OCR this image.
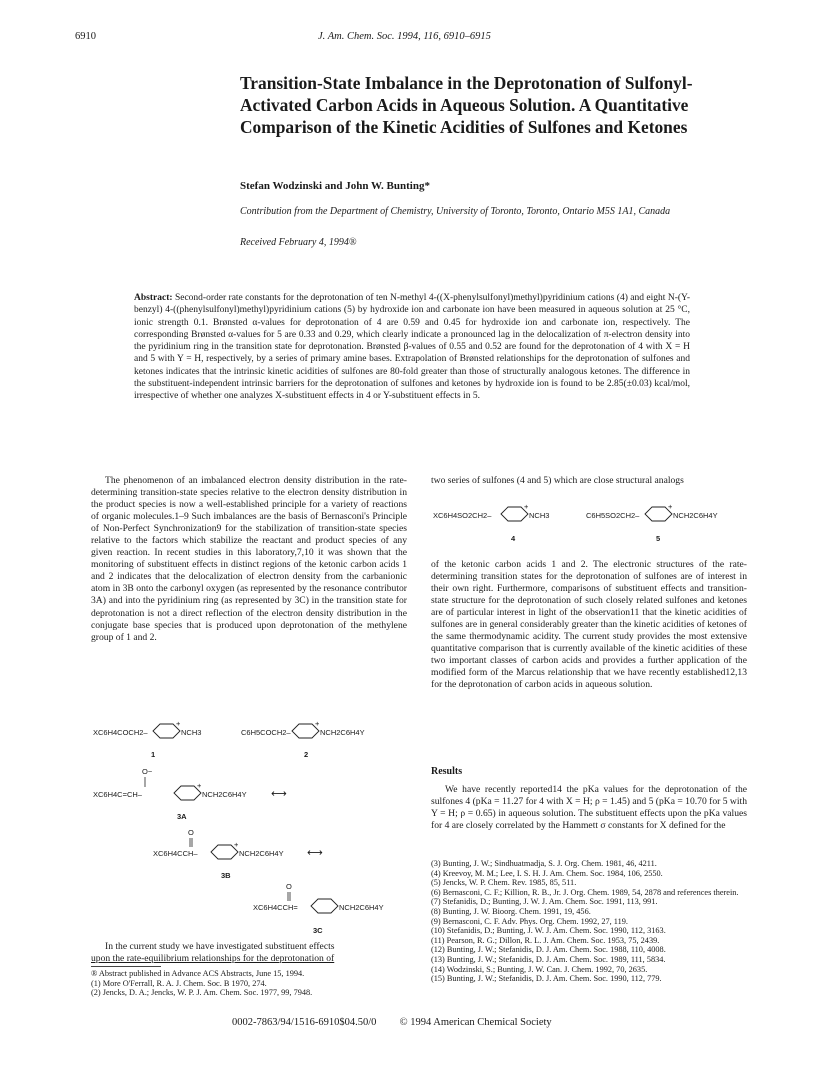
6910	J. Am. Chem. Soc. 1994, 116, 6910–6915
Transition-State Imbalance in the Deprotonation of Sulfonyl-Activated Carbon Acids in Aqueous Solution. A Quantitative Comparison of the Kinetic Acidities of Sulfones and Ketones
Stefan Wodzinski and John W. Bunting*
Contribution from the Department of Chemistry, University of Toronto, Toronto, Ontario M5S 1A1, Canada
Received February 4, 1994®
Abstract: Second-order rate constants for the deprotonation of ten N-methyl 4-((X-phenylsulfonyl)methyl)pyridinium cations (4) and eight N-(Y-benzyl) 4-((phenylsulfonyl)methyl)pyridinium cations (5) by hydroxide ion and carbonate ion have been measured in aqueous solution at 25 °C, ionic strength 0.1. Brønsted α-values for deprotonation of 4 are 0.59 and 0.45 for hydroxide ion and carbonate ion, respectively. The corresponding Brønsted α-values for 5 are 0.33 and 0.29, which clearly indicate a pronounced lag in the delocalization of π-electron density into the pyridinium ring in the transition state for deprotonation. Brønsted β-values of 0.55 and 0.52 are found for the deprotonation of 4 with X = H and 5 with Y = H, respectively, by a series of primary amine bases. Extrapolation of Brønsted relationships for the deprotonation of sulfones and ketones indicates that the intrinsic kinetic acidities of sulfones are 80-fold greater than those of structurally analogous ketones. The difference in the substituent-independent intrinsic barriers for the deprotonation of sulfones and ketones by hydroxide ion is found to be 2.85(±0.03) kcal/mol, irrespective of whether one analyzes X-substituent effects in 4 or Y-substituent effects in 5.

The phenomenon of an imbalanced electron density distribution in the rate-determining transition-state species relative to the electron density distribution in the product species is now a well-established principle for a variety of reactions of organic molecules.1–9 Such imbalances are the basis of Bernasconi's Principle of Non-Perfect Synchronization9 for the stabilization of transition-state species relative to the factors which stabilize the reactant and product species of any given reaction. In recent studies in this laboratory,7,10 it was shown that the monitoring of substituent effects in distinct regions of the ketonic carbon acids 1 and 2 indicates that the delocalization of electron density from the carbanionic atom in 3B onto the carbonyl oxygen (as represented by the resonance contributor 3A) and into the pyridinium ring (as represented by 3C) in the transition state for deprotonation is not a direct reflection of the electron density distribution in the conjugate base species that is produced upon deprotonation of the methylene group of 1 and 2.

XC6H4COCH2–
+
NCH3
1
C6H5COCH2–
+
NCH2C6H4Y
2
O−
XC6H4C=CH–
+
NCH2C6H4Y ⟷
3A
O
XC6H4CCH–
+
NCH2C6H4Y ⟷
3B
O
XC6H4CCH=	NCH2C6H4Y
3C

In the current study we have investigated substituent effects

upon the rate-equilibrium relationships for the deprotonation of

® Abstract published in Advance ACS Abstracts, June 15, 1994.
(1) More O'Ferrall, R. A. J. Chem. Soc. B 1970, 274.
(2) Jencks, D. A.; Jencks, W. P. J. Am. Chem. Soc. 1977, 99, 7948.

two series of sulfones (4 and 5) which are close structural analogs

XC6H4SO2CH2–
+
NCH3
4
C6H5SO2CH2–
+
NCH2C6H4Y
5

of the ketonic carbon acids 1 and 2. The electronic structures of the rate-determining transition states for the deprotonation of sulfones are of interest in their own right. Furthermore, comparisons of substituent effects and transition-state structure for the deprotonation of such closely related sulfones and ketones are of particular interest in light of the observation11 that the kinetic acidities of sulfones are in general considerably greater than the kinetic acidities of ketones of the same thermodynamic acidity. The current study provides the most extensive quantitative comparison that is currently available of the kinetic acidities of these two important classes of carbon acids and provides a further application of the modified form of the Marcus relationship that we have recently established12,13 for the deprotonation of carbon acids in aqueous solution.

Results

We have recently reported14 the pKa values for the deprotonation of the sulfones 4 (pKa = 11.27 for 4 with X = H; ρ = 1.45) and 5 (pKa = 10.70 for 5 with Y = H; ρ = 0.65) in aqueous solution. The substituent effects upon the pKa values for 4 are closely correlated by the Hammett σ constants for X defined for the

(3) Bunting, J. W.; Sindhuatmadja, S. J. Org. Chem. 1981, 46, 4211.
(4) Kreevoy, M. M.; Lee, I. S. H. J. Am. Chem. Soc. 1984, 106, 2550.
(5) Jencks, W. P. Chem. Rev. 1985, 85, 511.
(6) Bernasconi, C. F.; Killion, R. B., Jr. J. Org. Chem. 1989, 54, 2878 and references therein.
(7) Stefanidis, D.; Bunting, J. W. J. Am. Chem. Soc. 1991, 113, 991.
(8) Bunting, J. W. Bioorg. Chem. 1991, 19, 456.
(9) Bernasconi, C. F. Adv. Phys. Org. Chem. 1992, 27, 119.
(10) Stefanidis, D.; Bunting, J. W. J. Am. Chem. Soc. 1990, 112, 3163.
(11) Pearson, R. G.; Dillon, R. L. J. Am. Chem. Soc. 1953, 75, 2439.
(12) Bunting, J. W.; Stefanidis, D. J. Am. Chem. Soc. 1988, 110, 4008.
(13) Bunting, J. W.; Stefanidis, D. J. Am. Chem. Soc. 1989, 111, 5834.
(14) Wodzinski, S.; Bunting, J. W. Can. J. Chem. 1992, 70, 2635.
(15) Bunting, J. W.; Stefanidis, D. J. Am. Chem. Soc. 1990, 112, 779.
0002-7863/94/1516-6910$04.50/0 © 1994 American Chemical Society
